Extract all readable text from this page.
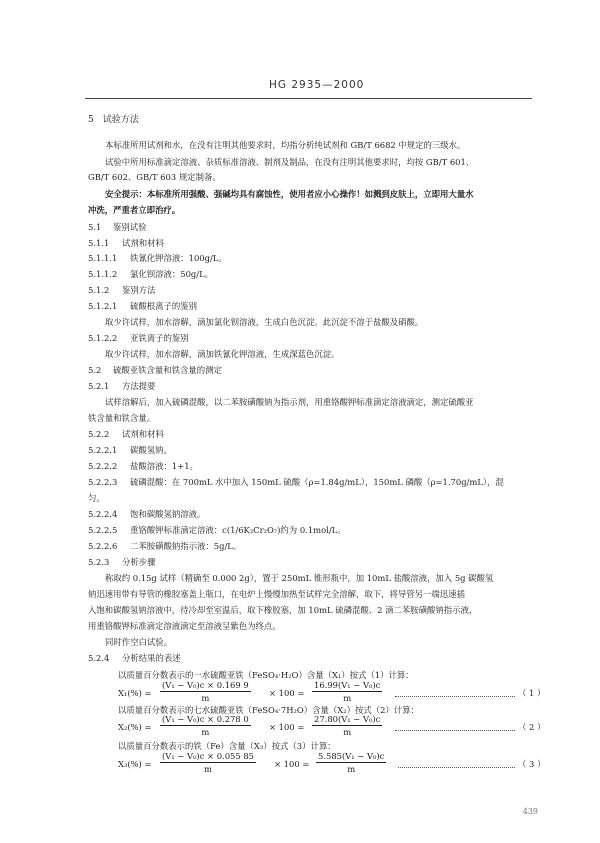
HG 2935—2000
5　试验方法
本标准所用试剂和水，在没有注明其他要求时，均指分析纯试剂和 GB/T 6682 中规定的三级水。
试验中所用标准滴定溶液、杂质标准溶液、制剂及制品，在没有注明其他要求时，均按 GB/T 601、
GB/T 602、GB/T 603 规定制备。
安全提示：本标准所用强酸、强碱均具有腐蚀性，使用者应小心操作！如溅到皮肤上，立即用大量水
冲洗，严重者立即治疗。
5.1 鉴别试验
5.1.1 试剂和材料
5.1.1.1 铁氰化钾溶液：100g/L。
5.1.1.2 氯化钡溶液：50g/L。
5.1.2 鉴别方法
5.1.2.1 硫酸根离子的鉴别
取少许试样，加水溶解，滴加氯化钡溶液，生成白色沉淀。此沉淀不溶于盐酸及硝酸。
5.1.2.2 亚铁离子的鉴别
取少许试样，加水溶解，滴加铁氰化钾溶液，生成深蓝色沉淀。
5.2 硫酸亚铁含量和铁含量的测定
5.2.1 方法提要
试样溶解后，加入硫磷混酸，以二苯胺磺酸钠为指示剂，用重铬酸钾标准滴定溶液滴定，测定硫酸亚
铁含量和铁含量。
5.2.2 试剂和材料
5.2.2.1 碳酸氢钠。
5.2.2.2 盐酸溶液：1+1。
5.2.2.3 硫磷混酸：在 700mL 水中加入 150mL 硫酸（ρ=1.84g/mL），150mL 磷酸（ρ=1.70g/mL），混
匀。
5.2.2.4 饱和碳酸氢钠溶液。
5.2.2.5 重铬酸钾标准滴定溶液：c(1/6K₂Cr₂O₇)约为 0.1mol/L。
5.2.2.6 二苯胺磺酸钠指示液：5g/L。
5.2.3 分析步骤
称取约 0.15g 试样（精确至 0.000 2g），置于 250mL 锥形瓶中，加 10mL 盐酸溶液，加入 5g 碳酸氢
钠迅速用带有导管的橡胶塞盖上瓶口，在电炉上慢慢加热至试样完全溶解，取下，将导管另一端迅速插
入饱和碳酸氢钠溶液中，待冷却至室温后，取下橡胶塞，加 10mL 硫磷混酸、2 滴二苯胺磺酸钠指示液，
用重铬酸钾标准滴定溶液滴定至溶液呈紫色为终点。
同时作空白试验。
5.2.4 分析结果的表述
以质量百分数表示的一水硫酸亚铁（FeSO₄·H₂O）含量（X₁）按式（1）计算：
$X_1(\%) = \frac{\text{(V₁ − V₀)c × 0.169 9}}{m} \times 100 = \frac{\text{16.99(V₁ − V₀)c}}{m}$	（ 1 ）
以质量百分数表示的七水硫酸亚铁（FeSO₄·7H₂O）含量（X₂）按式（2）计算：
$X_2(\%) = \frac{\text{(V₁ − V₀)c × 0.278 0}}{m} \times 100 = \frac{\text{27.80(V₁ − V₀)c}}{m}$	（ 2 ）
以质量百分数表示的铁（Fe）含量（X₃）按式（3）计算：
$X_3(\%) = \frac{\text{(V₁ − V₀)c × 0.055 85}}{m} \times 100 = \frac{\text{5.585(V₁ − V₀)c}}{m}$	（ 3 ）
439
